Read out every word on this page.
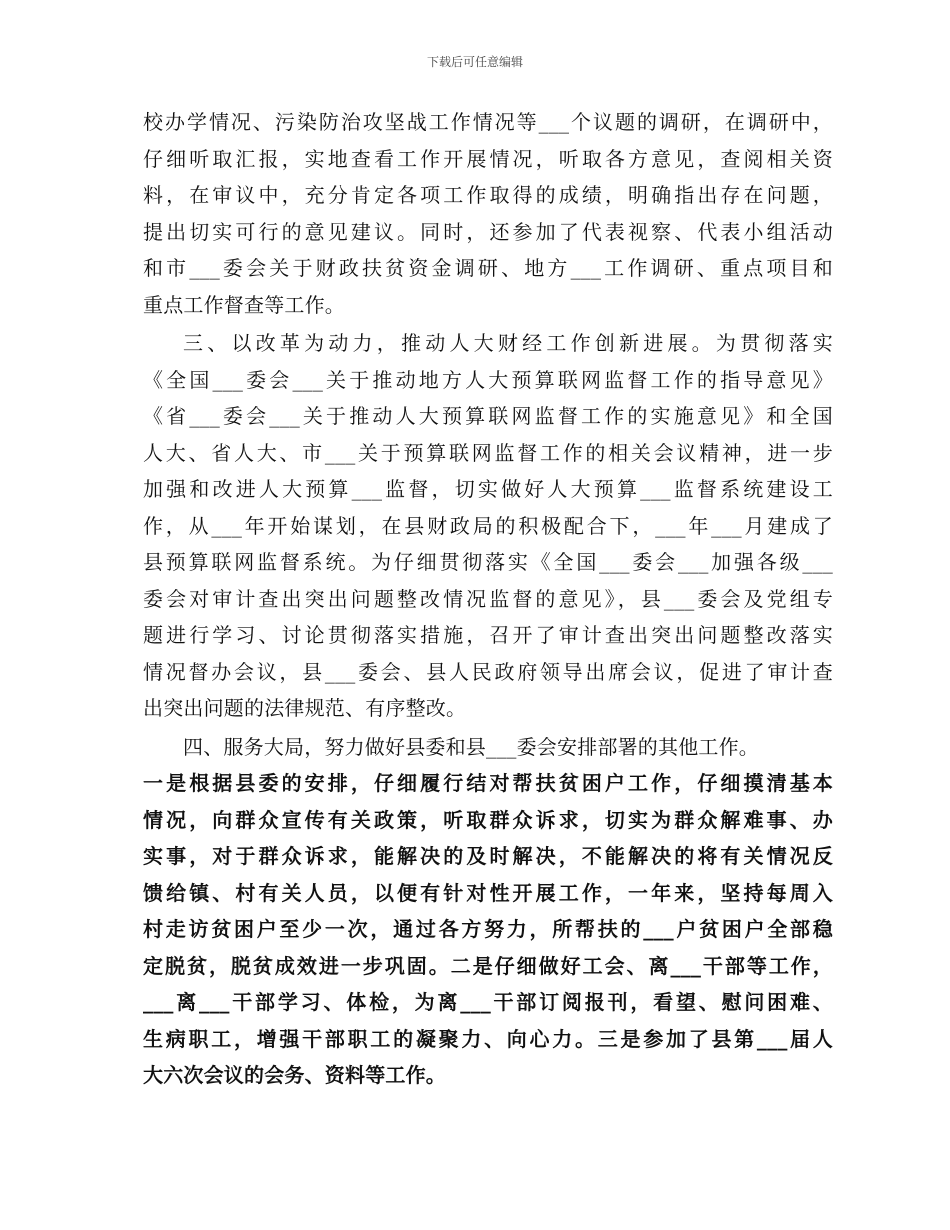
下载后可任意编辑
校办学情况、污染防治攻坚战工作情况等___个议题的调研，在调研中，
仔细听取汇报，实地查看工作开展情况，听取各方意见，查阅相关资
料，在审议中，充分肯定各项工作取得的成绩，明确指出存在问题，
提出切实可行的意见建议。同时，还参加了代表视察、代表小组活动
和市___委会关于财政扶贫资金调研、地方___工作调研、重点项目和
重点工作督查等工作。
三、以改革为动力，推动人大财经工作创新进展。为贯彻落实
《全国___委会___关于推动地方人大预算联网监督工作的指导意见》
《省___委会___关于推动人大预算联网监督工作的实施意见》和全国
人大、省人大、市___关于预算联网监督工作的相关会议精神，进一步
加强和改进人大预算___监督，切实做好人大预算___监督系统建设工
作，从___年开始谋划，在县财政局的积极配合下，___年___月建成了
县预算联网监督系统。为仔细贯彻落实《全国___委会___加强各级___
委会对审计查出突出问题整改情况监督的意见》，县___委会及党组专
题进行学习、讨论贯彻落实措施，召开了审计查出突出问题整改落实
情况督办会议，县___委会、县人民政府领导出席会议，促进了审计查
出突出问题的法律规范、有序整改。
四、服务大局，努力做好县委和县___委会安排部署的其他工作。
一是根据县委的安排，仔细履行结对帮扶贫困户工作，仔细摸清基本
情况，向群众宣传有关政策，听取群众诉求，切实为群众解难事、办
实事，对于群众诉求，能解决的及时解决，不能解决的将有关情况反
馈给镇、村有关人员，以便有针对性开展工作，一年来，坚持每周入
村走访贫困户至少一次，通过各方努力，所帮扶的___户贫困户全部稳
定脱贫，脱贫成效进一步巩固。二是仔细做好工会、离___干部等工作，
___离___干部学习、体检，为离___干部订阅报刊，看望、慰问困难、
生病职工，增强干部职工的凝聚力、向心力。三是参加了县第___届人
大六次会议的会务、资料等工作。
